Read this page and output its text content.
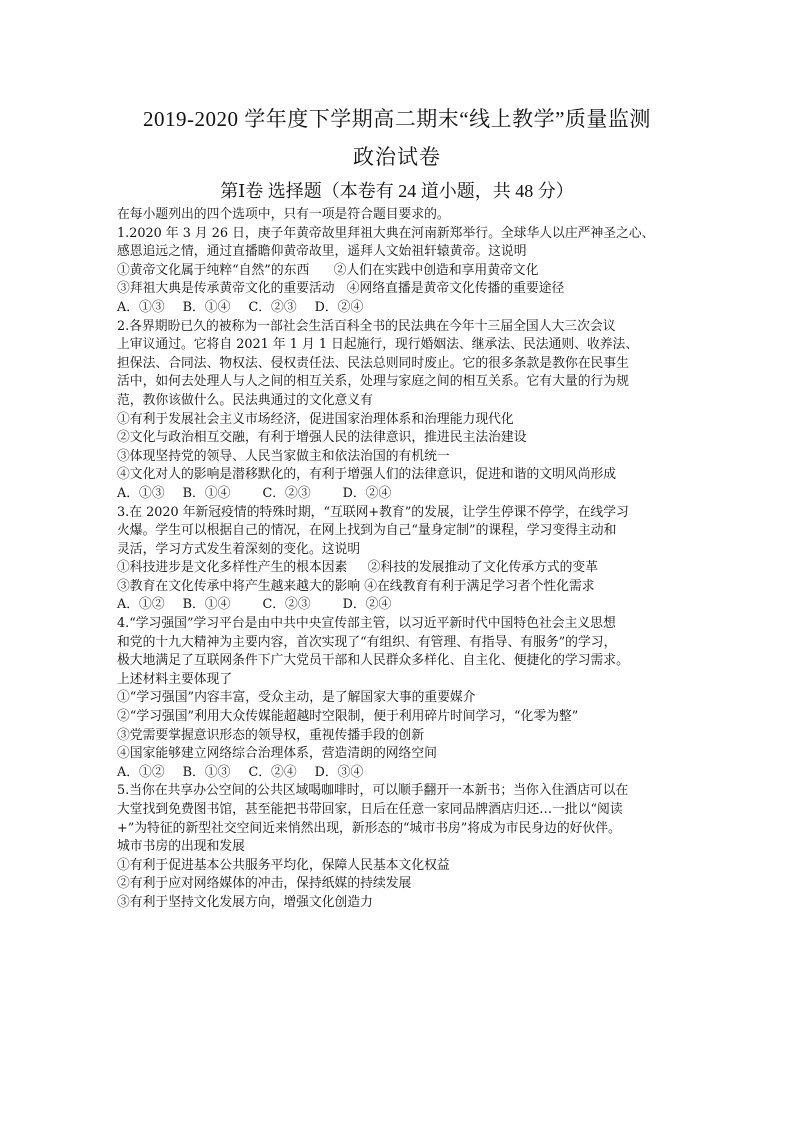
2019-2020 学年度下学期高二期末“线上教学”质量监测
政治试卷
第Ⅰ卷 选择题（本卷有 24 道小题，共 48 分）
在每小题列出的四个选项中，只有一项是符合题目要求的。
1.2020 年 3 月 26 日，庚子年黄帝故里拜祖大典在河南新郑举行。全球华人以庄严神圣之心、
感恩追远之情，通过直播瞻仰黄帝故里，遥拜人文始祖轩辕黄帝。这说明
①黄帝文化属于纯粹“自然”的东西      ②人们在实践中创造和享用黄帝文化
③拜祖大典是传承黄帝文化的重要活动   ④网络直播是黄帝文化传播的重要途径
A．①③ B．①④ C．②③ D．②④
2.各界期盼已久的被称为一部社会生活百科全书的民法典在今年十三届全国人大三次会议
上审议通过。它将自 2021 年 1 月 1 日起施行，现行婚姻法、继承法、民法通则、收养法、
担保法、合同法、物权法、侵权责任法、民法总则同时废止。它的很多条款是教你在民事生
活中，如何去处理人与人之间的相互关系，处理与家庭之间的相互关系。它有大量的行为规
范，教你该做什么。民法典通过的文化意义有
①有利于发展社会主义市场经济，促进国家治理体系和治理能力现代化
②文化与政治相互交融，有利于增强人民的法律意识，推进民主法治建设
③体现坚持党的领导、人民当家做主和依法治国的有机统一
④文化对人的影响是潜移默化的，有利于增强人们的法律意识，促进和谐的文明风尚形成
A．①③ B．①④	C．②③	D．②④
3.在 2020 年新冠疫情的特殊时期，“互联网+教育”的发展，让学生停课不停学，在线学习
火爆。学生可以根据自己的情况，在网上找到为自己“量身定制”的课程，学习变得主动和
灵活，学习方式发生着深刻的变化。这说明
①科技进步是文化多样性产生的根本因素     ②科技的发展推动了文化传承方式的变革
③教育在文化传承中将产生越来越大的影响 ④在线教育有利于满足学习者个性化需求
A．①② B．①④	C．②③	D．②④
4.“学习强国”学习平台是由中共中央宣传部主管，以习近平新时代中国特色社会主义思想
和党的十九大精神为主要内容，首次实现了“有组织、有管理、有指导、有服务”的学习，
极大地满足了互联网条件下广大党员干部和人民群众多样化、自主化、便捷化的学习需求。
上述材料主要体现了
①“学习强国”内容丰富，受众主动，是了解国家大事的重要媒介
②“学习强国”利用大众传媒能超越时空限制，便于利用碎片时间学习，“化零为整”
③党需要掌握意识形态的领导权，重视传播手段的创新
④国家能够建立网络综合治理体系，营造清朗的网络空间
A．①② B．①③ C．②④ D．③④
5.当你在共享办公空间的公共区域喝咖啡时，可以顺手翻开一本新书；当你入住酒店可以在
大堂找到免费图书馆，甚至能把书带回家，日后在任意一家同品牌酒店归还…一批以“阅读
+”为特征的新型社交空间近来悄然出现，新形态的“城市书房”将成为市民身边的好伙伴。
城市书房的出现和发展
①有利于促进基本公共服务平均化，保障人民基本文化权益
②有利于应对网络媒体的冲击，保持纸媒的持续发展
③有利于坚持文化发展方向，增强文化创造力
